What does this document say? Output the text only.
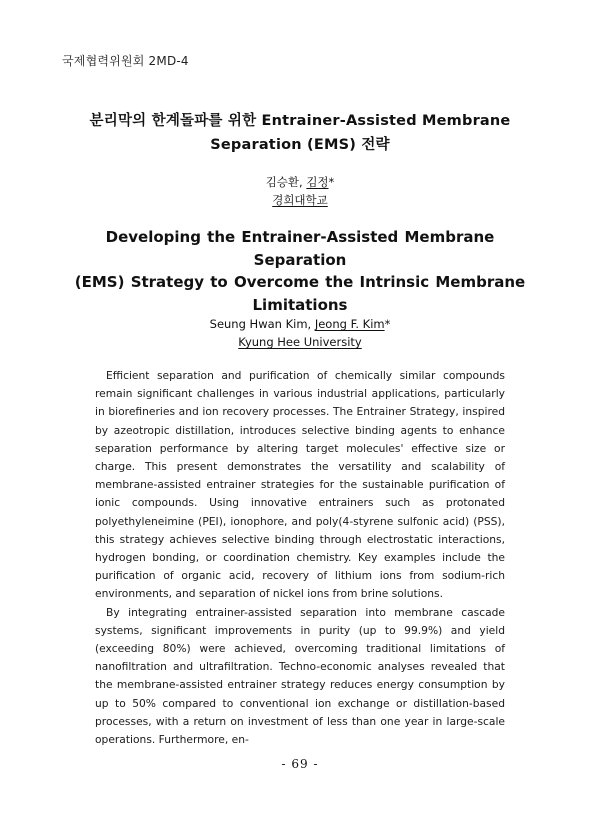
국제협력위원회 2MD-4
분리막의 한계돌파를 위한 Entrainer-Assisted Membrane
Separation (EMS) 전략
김승환, 김정*
경희대학교
Developing the Entrainer-Assisted Membrane Separation
(EMS) Strategy to Overcome the Intrinsic Membrane
Limitations
Seung Hwan Kim, Jeong F. Kim*
Kyung Hee University

Efficient separation and purification of chemically similar compounds remain significant challenges in various industrial applications, particularly in biorefineries and ion recovery processes. The Entrainer Strategy, inspired by azeotropic distillation, introduces selective binding agents to enhance separation performance by altering target molecules' effective size or charge. This present demonstrates the versatility and scalability of membrane-assisted entrainer strategies for the sustainable purification of ionic compounds. Using innovative entrainers such as protonated polyethyleneimine (PEI), ionophore, and poly(4-styrene sulfonic acid) (PSS), this strategy achieves selective binding through electrostatic interactions, hydrogen bonding, or coordination chemistry. Key examples include the purification of organic acid, recovery of lithium ions from sodium-rich environments, and separation of nickel ions from brine solutions.

By integrating entrainer-assisted separation into membrane cascade systems, significant improvements in purity (up to 99.9%) and yield (exceeding 80%) were achieved, overcoming traditional limitations of nanofiltration and ultrafiltration. Techno-economic analyses revealed that the membrane-assisted entrainer strategy reduces energy consumption by up to 50% compared to conventional ion exchange or distillation-based processes, with a return on investment of less than one year in large-scale operations. Furthermore, en-

- 69 -
